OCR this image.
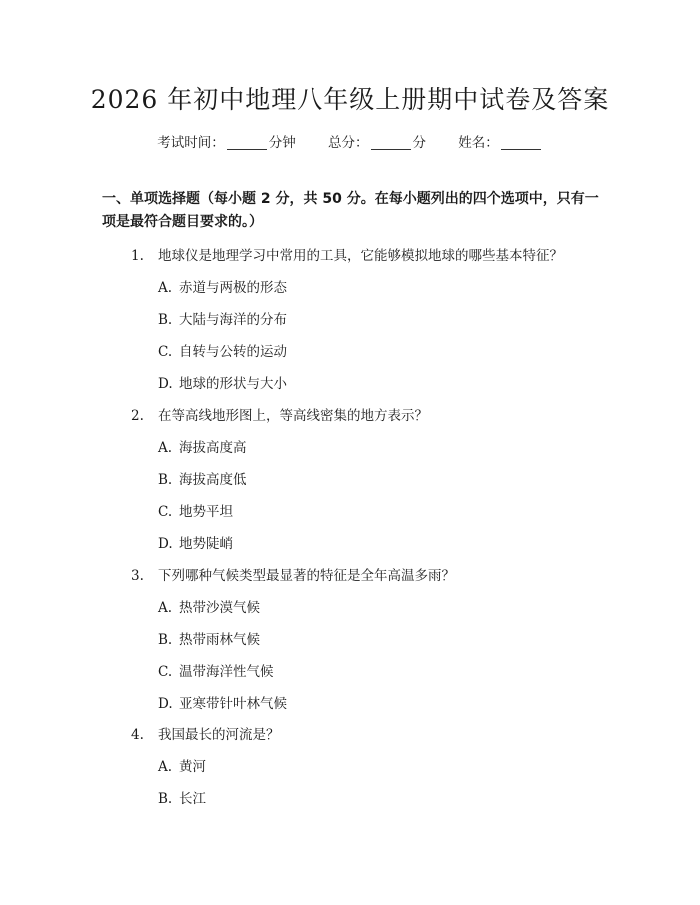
2026 年初中地理八年级上册期中试卷及答案
考试时间：	分钟 总分：	分 姓名：
一、单项选择题（每小题 2 分，共 50 分。在每小题列出的四个选项中，只有一项是最符合题目要求的。）
1. 地球仪是地理学习中常用的工具，它能够模拟地球的哪些基本特征？
A. 赤道与两极的形态
B. 大陆与海洋的分布
C. 自转与公转的运动
D. 地球的形状与大小
2. 在等高线地形图上，等高线密集的地方表示？
A. 海拔高度高
B. 海拔高度低
C. 地势平坦
D. 地势陡峭
3. 下列哪种气候类型最显著的特征是全年高温多雨？
A. 热带沙漠气候
B. 热带雨林气候
C. 温带海洋性气候
D. 亚寒带针叶林气候
4. 我国最长的河流是？
A. 黄河
B. 长江
